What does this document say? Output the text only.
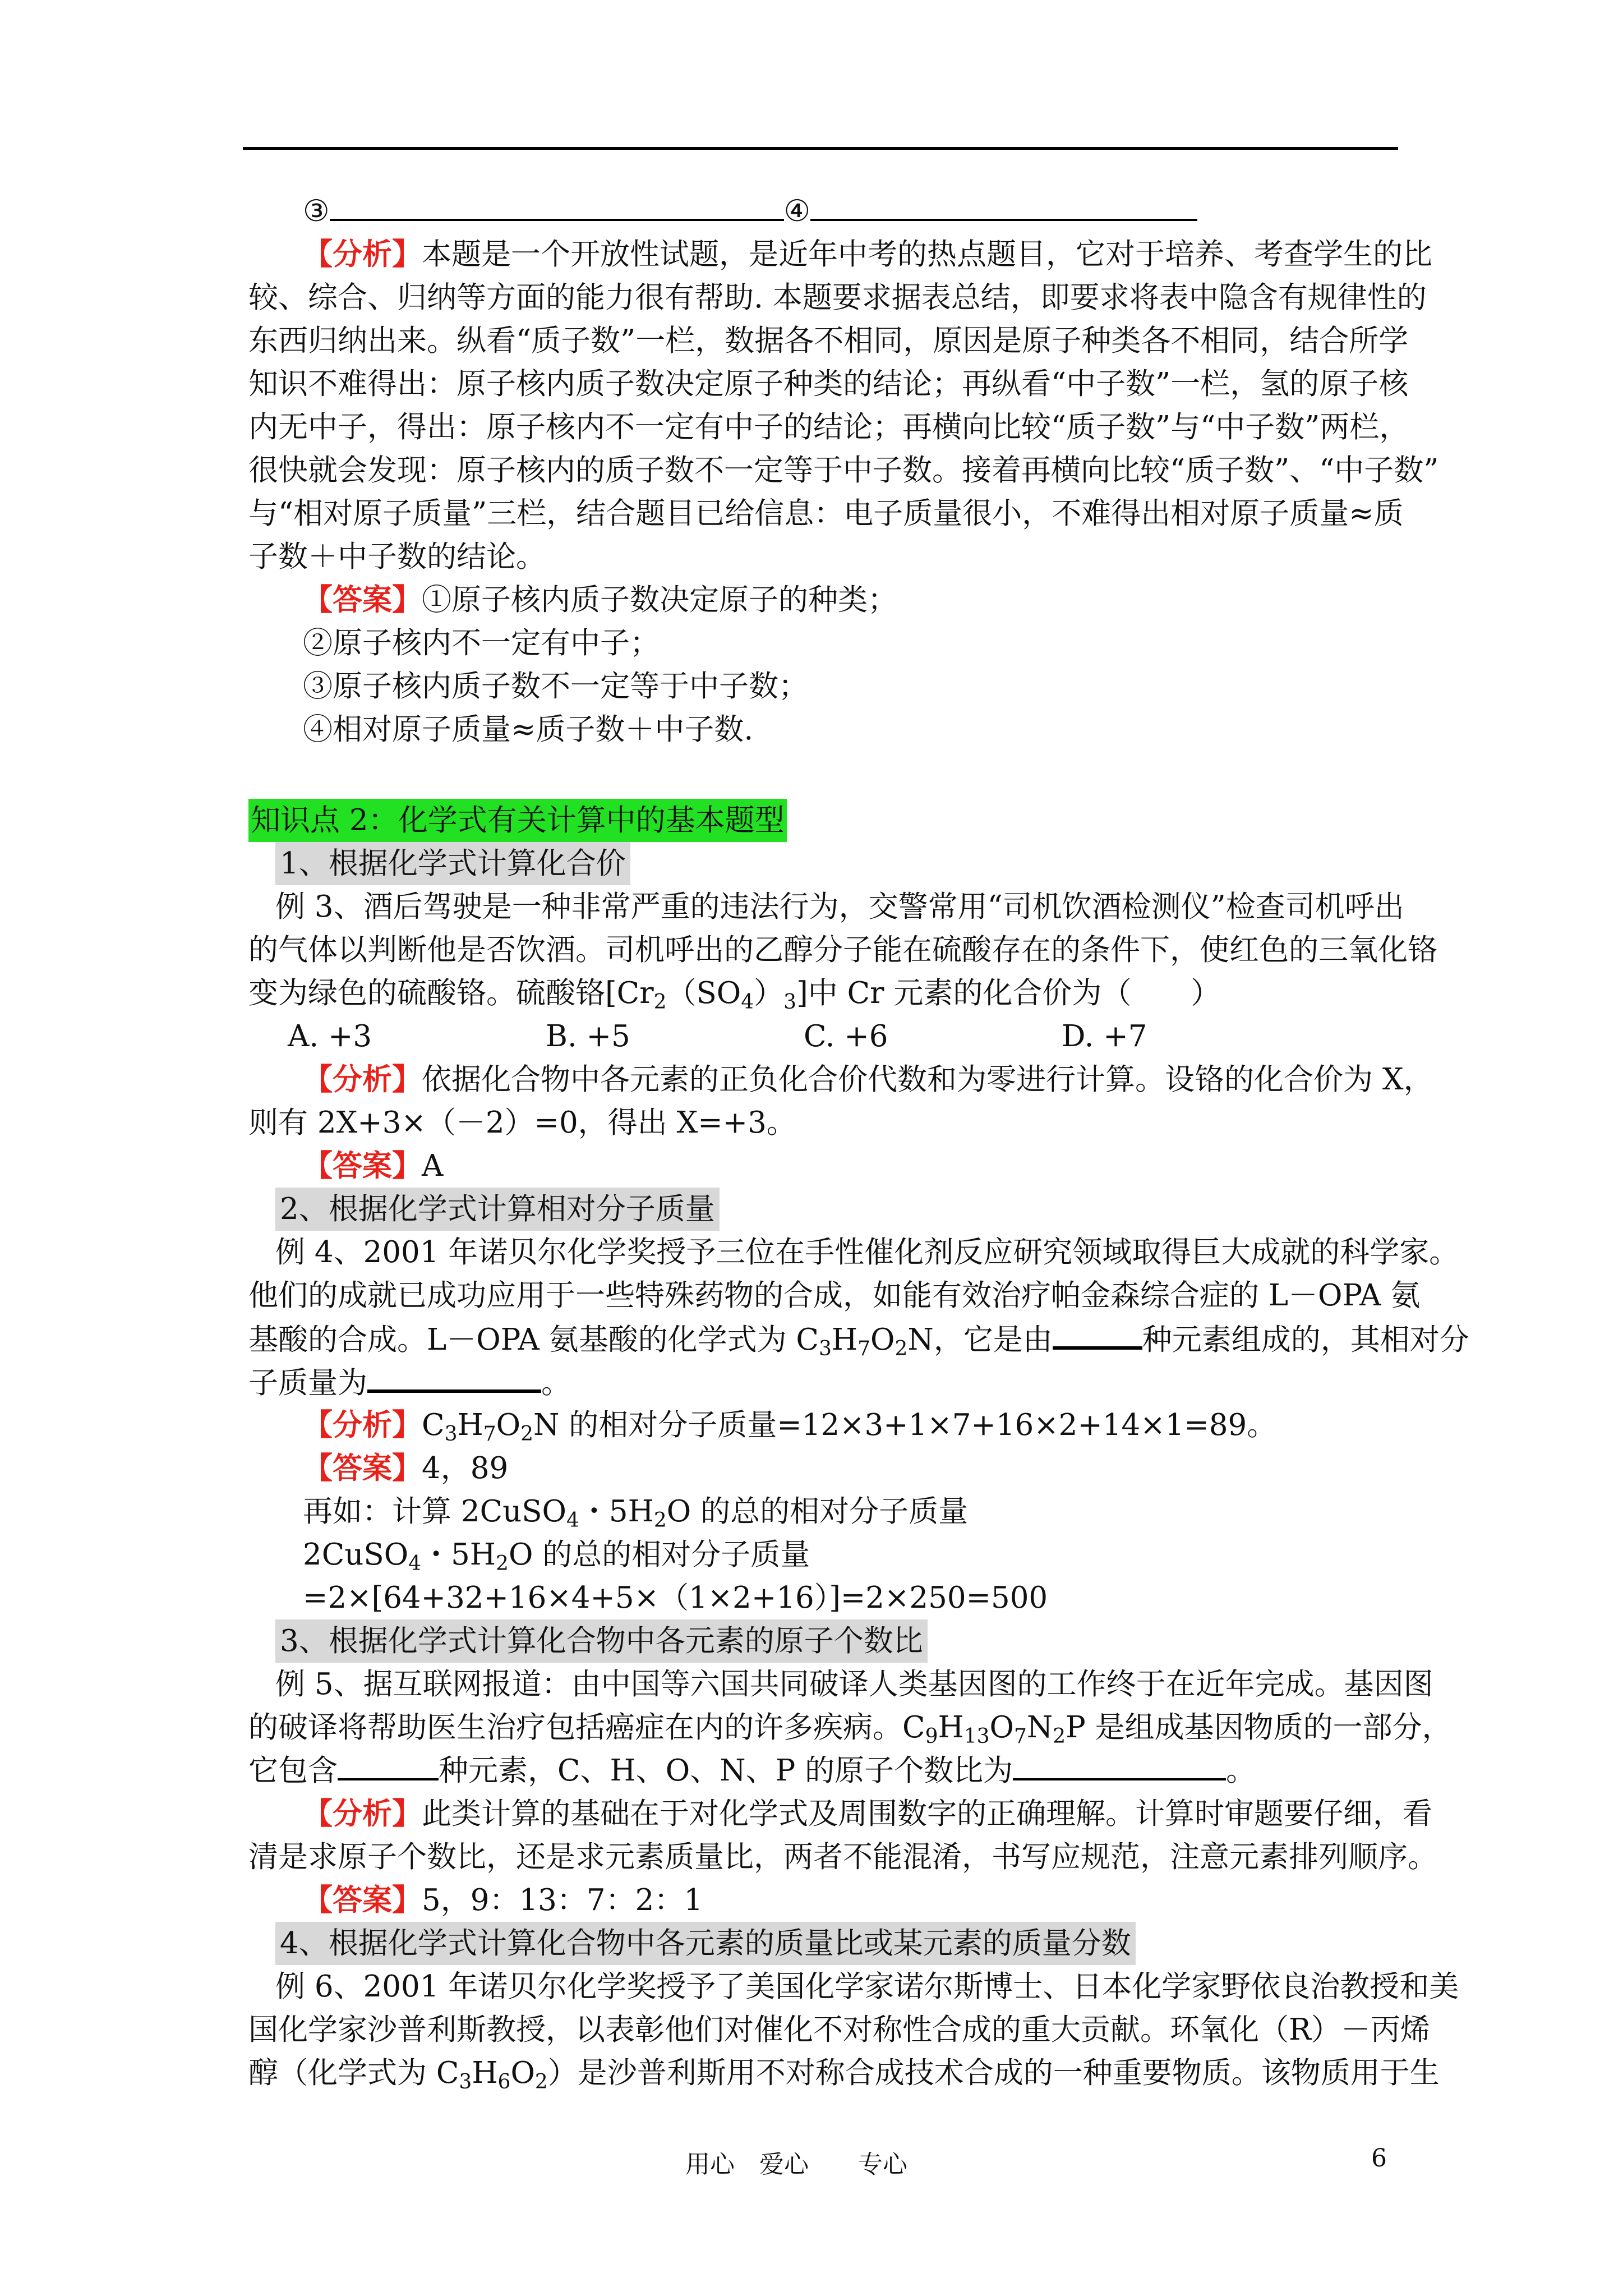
③	④
【分析】本题是一个开放性试题，是近年中考的热点题目，它对于培养、考查学生的比
较、综合、归纳等方面的能力很有帮助. 本题要求据表总结，即要求将表中隐含有规律性的
东西归纳出来。纵看“质子数”一栏，数据各不相同，原因是原子种类各不相同，结合所学
知识不难得出：原子核内质子数决定原子种类的结论；再纵看“中子数”一栏，氢的原子核
内无中子，得出：原子核内不一定有中子的结论；再横向比较“质子数”与“中子数”两栏，
很快就会发现：原子核内的质子数不一定等于中子数。接着再横向比较“质子数”、“中子数”
与“相对原子质量”三栏，结合题目已给信息：电子质量很小，不难得出相对原子质量≈质
子数＋中子数的结论。
【答案】①原子核内质子数决定原子的种类；
②原子核内不一定有中子；
③原子核内质子数不一定等于中子数；
④相对原子质量≈质子数＋中子数.
知识点 2：化学式有关计算中的基本题型
1、根据化学式计算化合价
例 3、酒后驾驶是一种非常严重的违法行为，交警常用“司机饮酒检测仪”检查司机呼出
的气体以判断他是否饮酒。司机呼出的乙醇分子能在硫酸存在的条件下，使红色的三氧化铬
变为绿色的硫酸铬。硫酸铬$[Cr_2(SO_4)_3]$中 Cr 元素的化合价为（　　）
A. +3	B. +5	C. +6	D. +7
【分析】依据化合物中各元素的正负化合价代数和为零进行计算。设铬的化合价为 X，
则有 2X+3×（－2）=0，得出 X=+3。
【答案】A
2、根据化学式计算相对分子质量
例 4、2001 年诺贝尔化学奖授予三位在手性催化剂反应研究领域取得巨大成就的科学家。
他们的成就已成功应用于一些特殊药物的合成，如能有效治疗帕金森综合症的 L－OPA 氨
基酸的合成。L－OPA 氨基酸的化学式为 $C_3H_7O_2N$，它是由	种元素组成的，其相对分
子质量为	。
【分析】$C_3H_7O_2N$ 的相对分子质量=12×3+1×7+16×2+14×1=89。
【答案】4，89
再如：计算 2CuSO$_4$・$5H_2O$ 的总的相对分子质量
2CuSO$_4$・$5H_2O$ 的总的相对分子质量
=2×[64+32+16×4+5×（1×2+16）]=2×250=500
3、根据化学式计算化合物中各元素的原子个数比
例 5、据互联网报道：由中国等六国共同破译人类基因图的工作终于在近年完成。基因图
的破译将帮助医生治疗包括癌症在内的许多疾病。$C_9H_{13}O_7N_2P$ 是组成基因物质的一部分，
它包含	种元素，C、H、O、N、P 的原子个数比为	。
【分析】此类计算的基础在于对化学式及周围数字的正确理解。计算时审题要仔细，看
清是求原子个数比，还是求元素质量比，两者不能混淆，书写应规范，注意元素排列顺序。
【答案】5，9：13：7：2：1
4、根据化学式计算化合物中各元素的质量比或某元素的质量分数
例 6、2001 年诺贝尔化学奖授予了美国化学家诺尔斯博士、日本化学家野依良治教授和美
国化学家沙普利斯教授，以表彰他们对催化不对称性合成的重大贡献。环氧化（R）－丙烯
醇（化学式为 $C_3H_6O_2$）是沙普利斯用不对称合成技术合成的一种重要物质。该物质用于生
用心　爱心　　专心	6
